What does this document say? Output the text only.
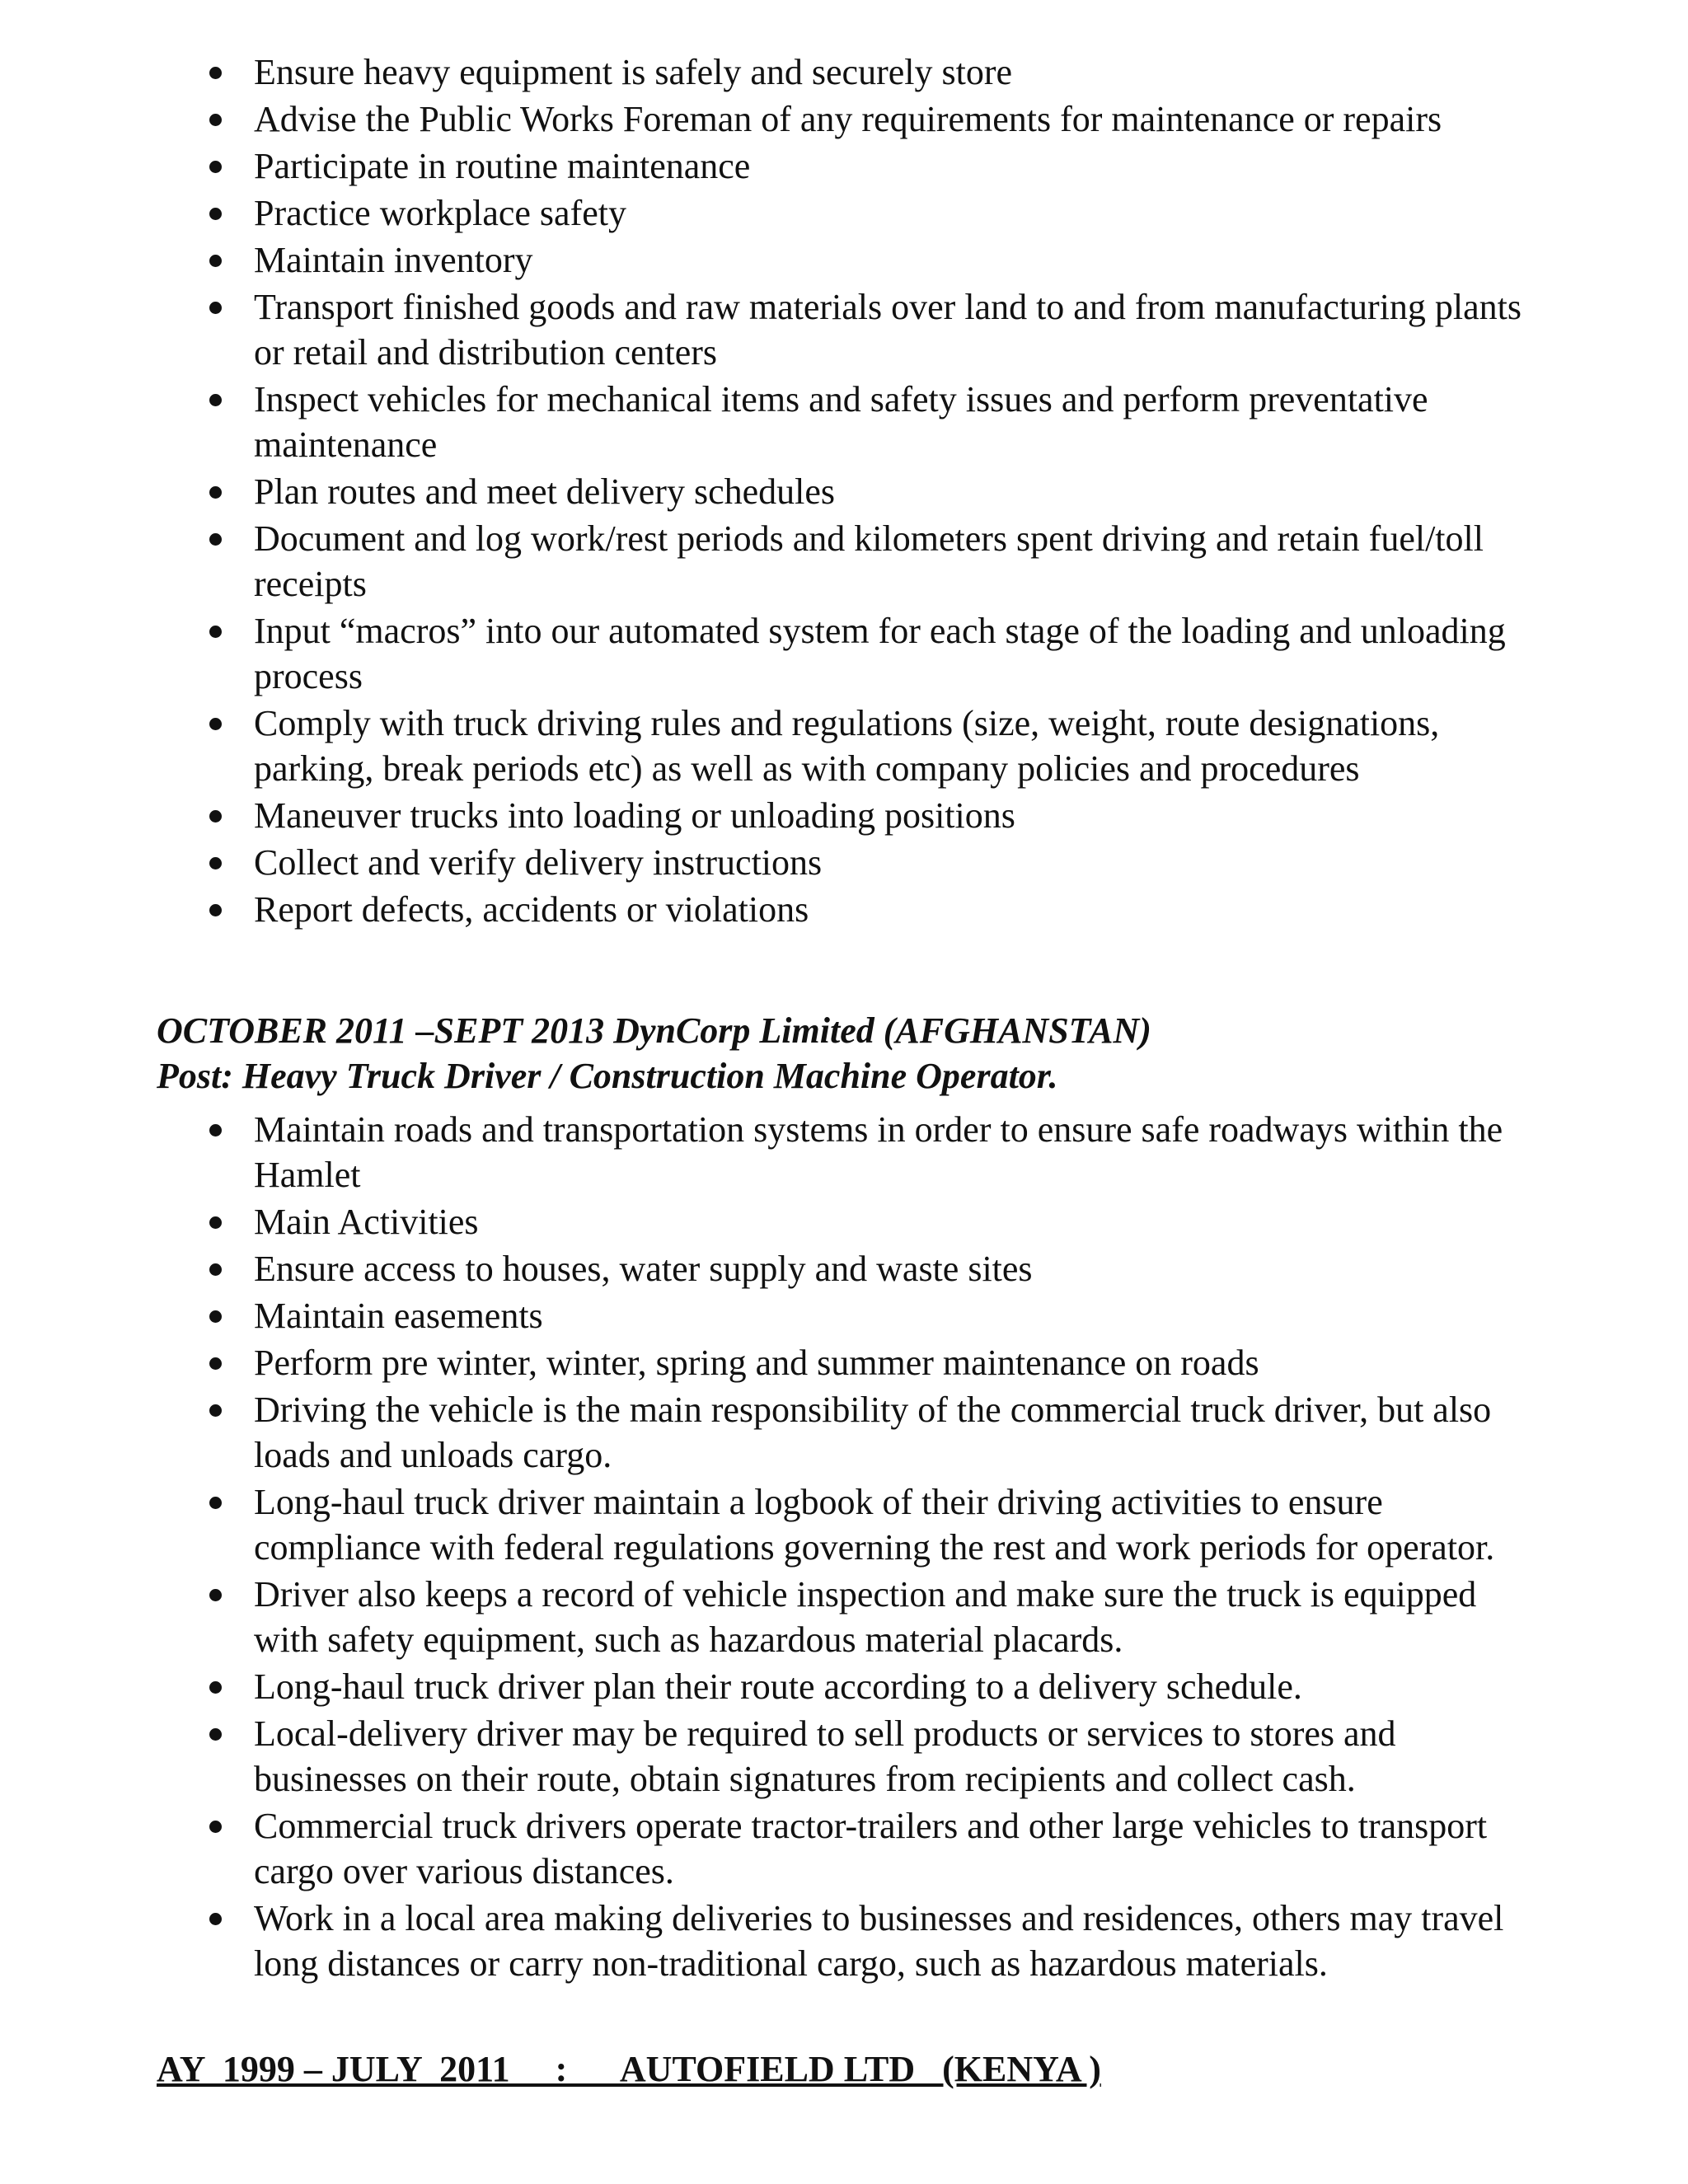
Ensure heavy equipment is safely and securely store
Advise the Public Works Foreman of any requirements for maintenance or repairs
Participate in routine maintenance
Practice workplace safety
Maintain inventory
Transport finished goods and raw materials over land to and from manufacturing plants or retail and distribution centers
Inspect vehicles for mechanical items and safety issues and perform preventative maintenance
Plan routes and meet delivery schedules
Document and log work/rest periods and kilometers spent driving and retain fuel/toll receipts
Input “macros” into our automated system for each stage of the loading and unloading process
Comply with truck driving rules and regulations (size, weight, route designations, parking, break periods etc) as well as with company policies and procedures
Maneuver trucks into loading or unloading positions
Collect and verify delivery instructions
Report defects, accidents or violations
OCTOBER 2011 –SEPT 2013 DynCorp Limited (AFGHANSTAN)
Post: Heavy Truck Driver / Construction Machine Operator.
Maintain roads and transportation systems in order to ensure safe roadways within the Hamlet
Main Activities
Ensure access to houses, water supply and waste sites
Maintain easements
Perform pre winter, winter, spring and summer maintenance on roads
Driving the vehicle is the main responsibility of the commercial truck driver, but also loads and unloads cargo.
Long-haul truck driver maintain a logbook of their driving activities to ensure compliance with federal regulations governing the rest and work periods for operator.
Driver also keeps a record of vehicle inspection and make sure the truck is equipped with safety equipment, such as hazardous material placards.
Long-haul truck driver plan their route according to a delivery schedule.
Local-delivery driver may be required to sell products or services to stores and businesses on their route, obtain signatures from recipients and collect cash.
Commercial truck drivers operate tractor-trailers and other large vehicles to transport cargo over various distances.
Work in a local area making deliveries to businesses and residences, others may travel long distances or carry non-traditional cargo, such as hazardous materials.
AY  1999 – JULY  2011     :      AUTOFIELD LTD   (KENYA )
